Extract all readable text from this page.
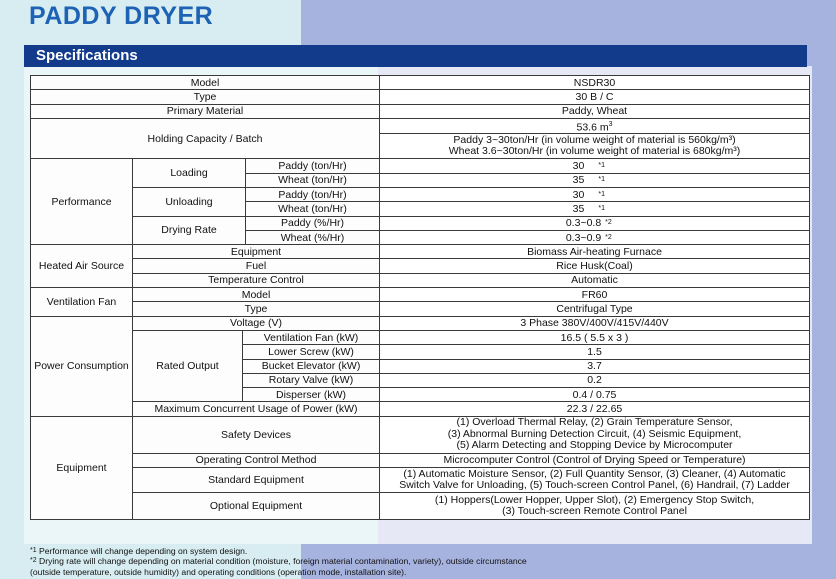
PADDY DRYER
Specifications
Model				NSDR30
Type				30 B / C
Primary Material				Paddy, Wheat
Holding Capacity / Batch				53.6 $m^3$

				Paddy 3~30ton/Hr (in volume weight of material is 560kg/m³)
Wheat 3.6~30ton/Hr (in volume weight of material is 680kg/m³)

Performance	Loading		Paddy (ton/Hr)	30 *1
			Wheat (ton/Hr)	35 *1
	Unloading		Paddy (ton/Hr)	30 *1
			Wheat (ton/Hr)	35 *1
	Drying Rate		Paddy (%/Hr)	0.3~0.8 *2
			Wheat (%/Hr)	0.3~0.9 *2
Heated Air Source	Equipment			Biomass Air-heating Furnace
	Fuel			Rice Husk(Coal)
	Temperature Control			Automatic
Ventilation Fan	Model			FR60
	Type			Centrifugal Type
Power Consumption	Voltage (V)			3 Phase 380V/400V/415V/440V
	Rated Output	Ventilation Fan (kW)		16.5 ( 5.5 x 3 )
		Lower Screw (kW)		1.5
		Bucket Elevator (kW)		3.7
		Rotary Valve (kW)		0.2
		Disperser (kW)		0.4 / 0.75
	Maximum Concurrent Usage of Power (kW)			22.3 / 22.65
Equipment	Safety Devices			(1) Overload Thermal Relay, (2) Grain Temperature Sensor,
(3) Abnormal Burning Detection Circuit, (4) Seismic Equipment,
(5) Alarm Detecting and Stopping Device by Microcomputer

	Operating Control Method			Microcomputer Control (Control of Drying Speed or Temperature)
	Standard Equipment			(1) Automatic Moisture Sensor, (2) Full Quantity Sensor, (3) Cleaner, (4) Automatic
Switch Valve for Unloading, (5) Touch-screen Control Panel, (6) Handrail, (7) Ladder

	Optional Equipment			(1) Hoppers(Lower Hopper, Upper Slot), (2) Emergency Stop Switch,
(3) Touch-screen Remote Control Panel
$^{*1}$ Performance will change depending on system design.
$^{*2}$ Drying rate will change depending on material condition (moisture, foreign material contamination, variety), outside circumstance
(outside temperature, outside humidity) and operating conditions (operation mode, installation site).
